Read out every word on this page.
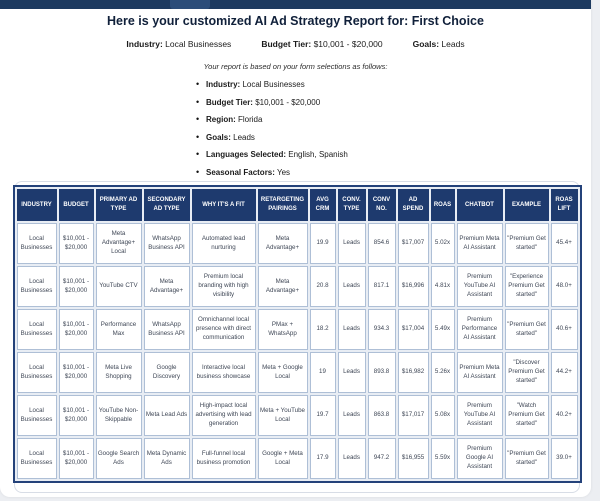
Here is your customized AI Ad Strategy Report for: First Choice
Industry: Local Businesses	Budget Tier: $10,001 - $20,000	Goals: Leads
Your report is based on your form selections as follows:
• Industry: Local Businesses
• Budget Tier: $10,001 - $20,000
• Region: Florida
• Goals: Leads
• Languages Selected: English, Spanish
• Seasonal Factors: Yes
INDUSTRY	BUDGET	PRIMARY AD TYPE	SECONDARY AD TYPE	WHY IT'S A FIT	RETARGETING PAIRINGS	AVG CRM	CONV. TYPE	CONV NO.	AD SPEND	ROAS	CHATBOT	EXAMPLE	ROAS LIFT
Local Businesses	$10,001 - $20,000	Meta Advantage+ Local	WhatsApp Business API	Automated lead nurturing	Meta Advantage+	19.9	Leads	854.6	$17,007	5.02x	Premium Meta AI Assistant	"Premium Get started"	45.4+
Local Businesses	$10,001 - $20,000	YouTube CTV	Meta Advantage+	Premium local branding with high visibility	Meta Advantage+	20.8	Leads	817.1	$16,996	4.81x	Premium YouTube AI Assistant	"Experience Premium Get started"	48.0+
Local Businesses	$10,001 - $20,000	Performance Max	WhatsApp Business API	Omnichannel local presence with direct communication	PMax + WhatsApp	18.2	Leads	934.3	$17,004	5.49x	Premium Performance AI Assistant	"Premium Get started"	40.6+
Local Businesses	$10,001 - $20,000	Meta Live Shopping	Google Discovery	Interactive local business showcase	Meta + Google Local	19	Leads	893.8	$16,982	5.26x	Premium Meta AI Assistant	"Discover Premium Get started"	44.2+
Local Businesses	$10,001 - $20,000	YouTube Non-Skippable	Meta Lead Ads	High-impact local advertising with lead generation	Meta + YouTube Local	19.7	Leads	863.8	$17,017	5.08x	Premium YouTube AI Assistant	"Watch Premium Get started"	40.2+
Local Businesses	$10,001 - $20,000	Google Search Ads	Meta Dynamic Ads	Full-funnel local business promotion	Google + Meta Local	17.9	Leads	947.2	$16,955	5.59x	Premium Google AI Assistant	"Premium Get started"	39.0+
